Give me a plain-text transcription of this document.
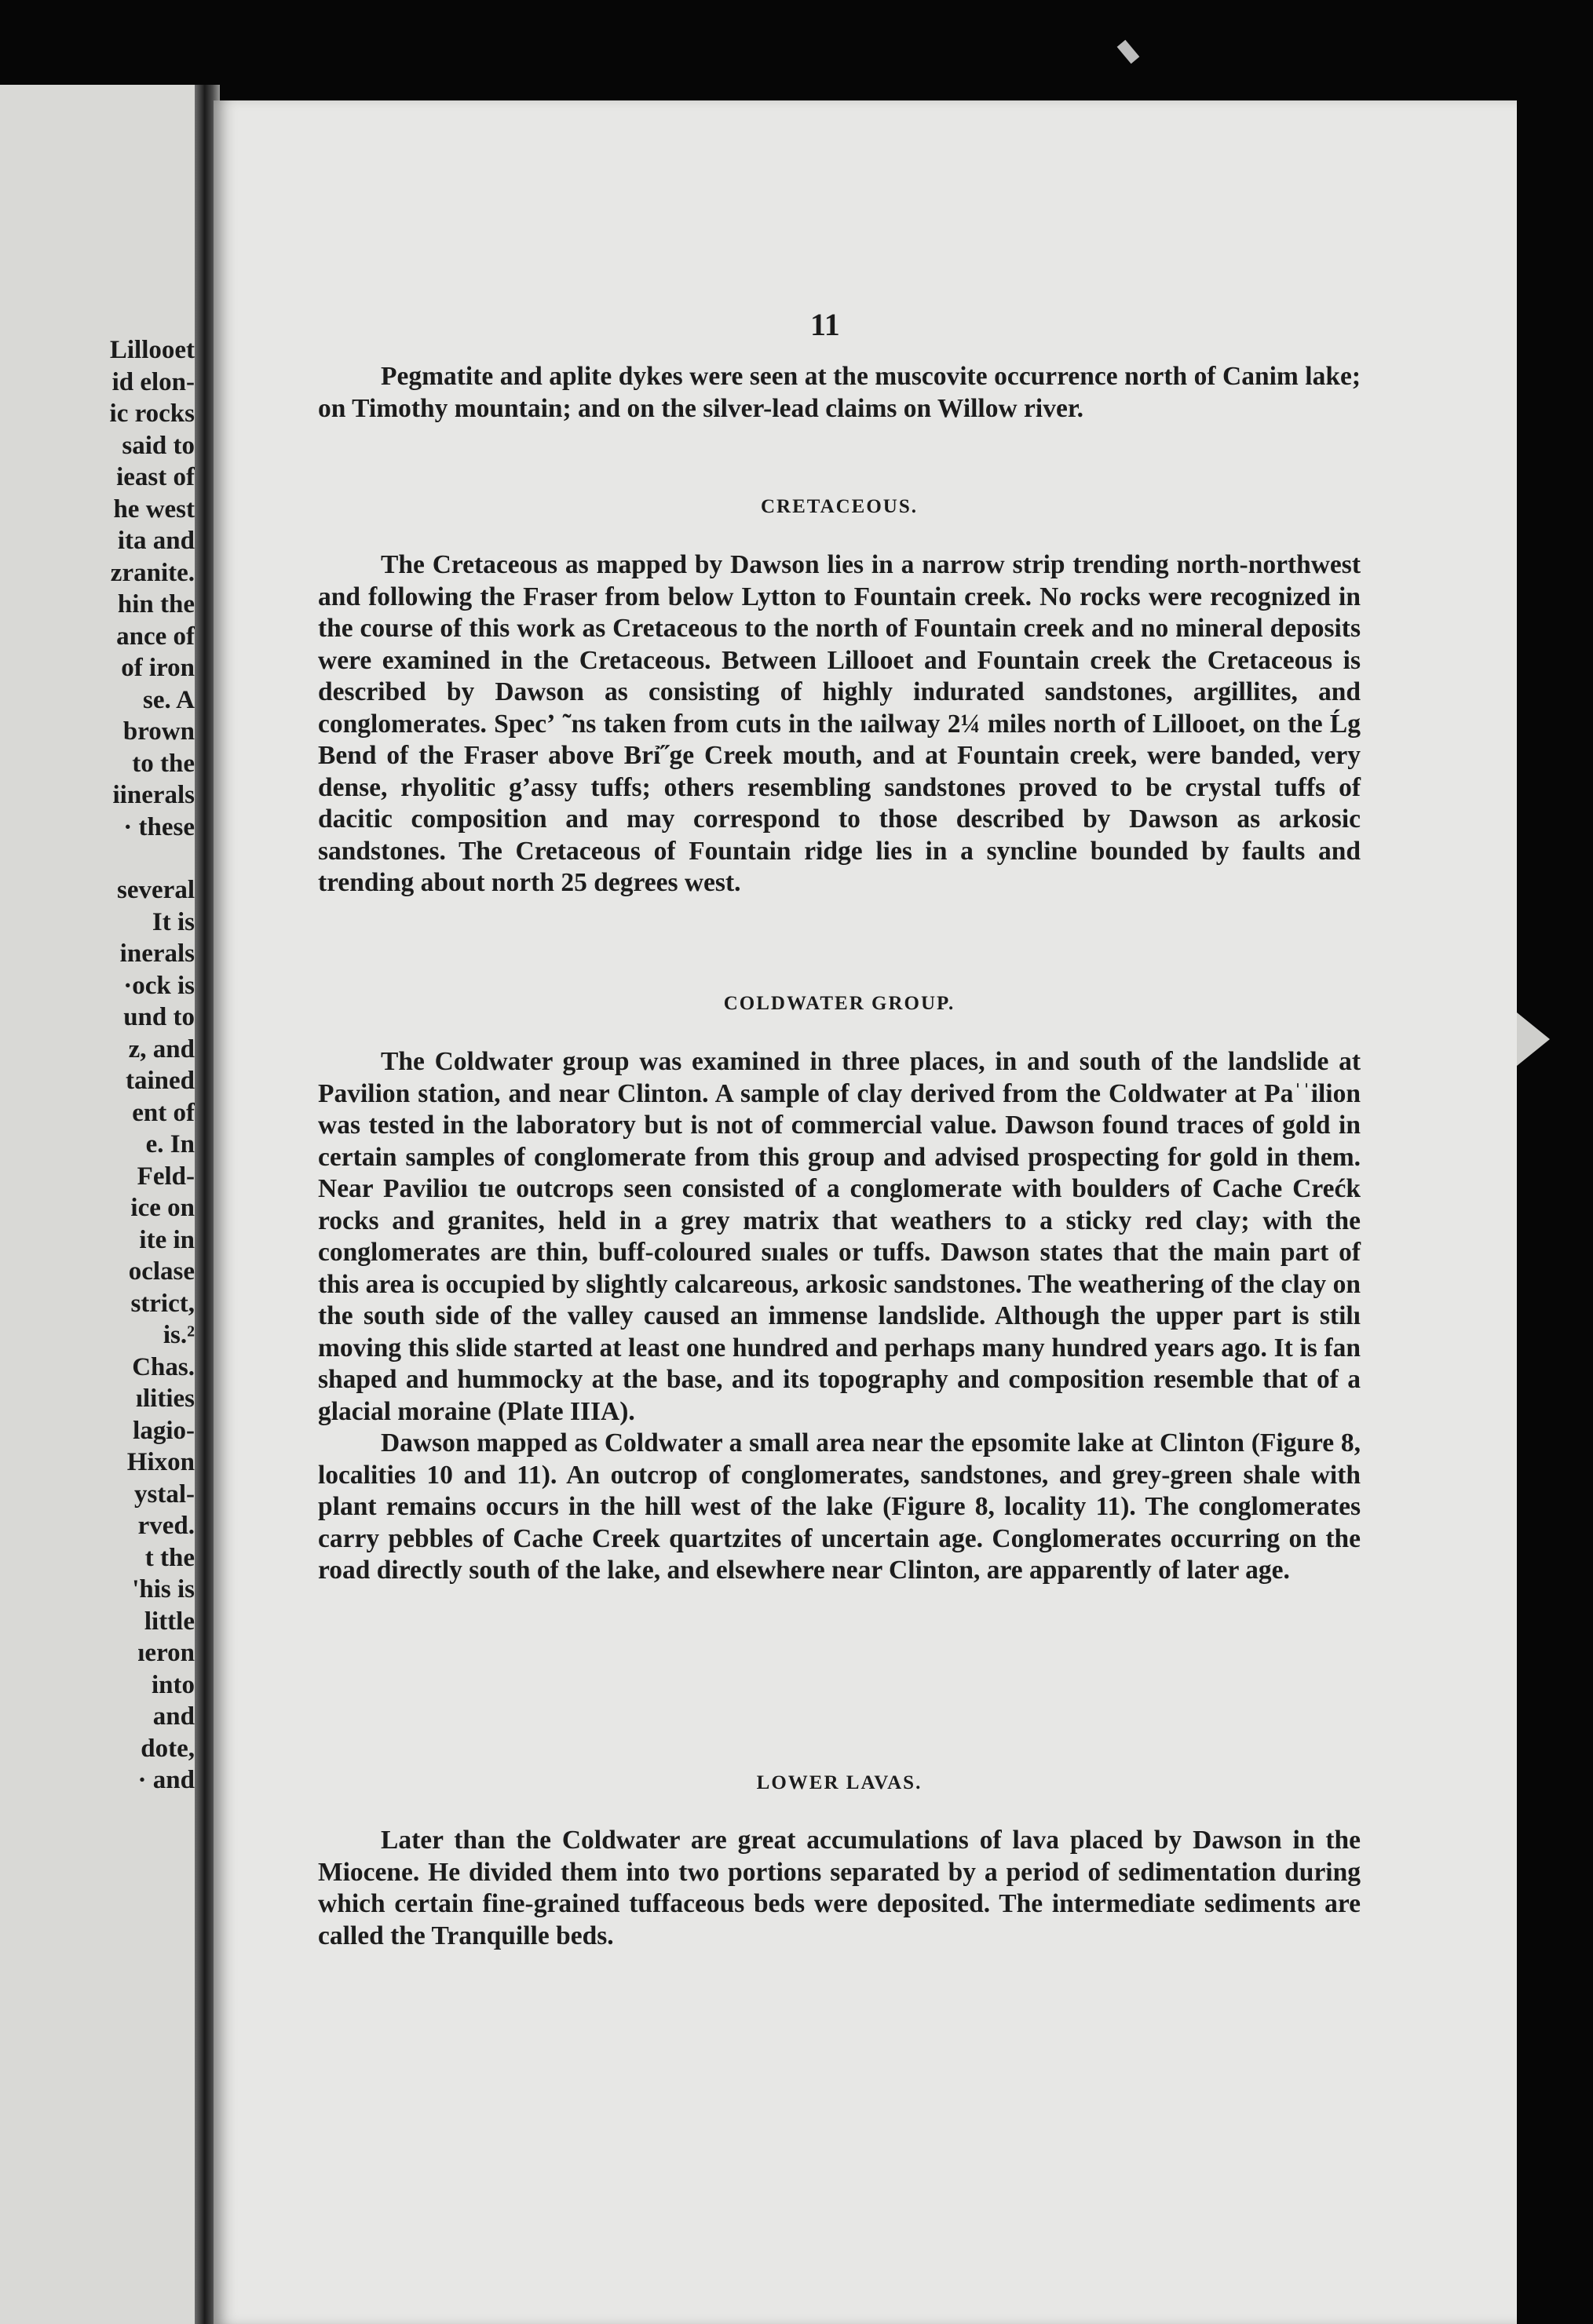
Lillooet
id elon-
ic rocks
said to
ieast of
he west
ita and
zranite.
hin the
ance of
of iron
se. A
brown
to the
iinerals
· these
several
It is
inerals
·ock is
und to
z, and
tained
ent of
e. In
Feld-
ice on
ite in
oclase
strict,
is.²
Chas.
ılities
lagio-
Hixon
ystal-
rved.
t the
'his is
little
ıeron
into
and
dote,
· and
11

Pegmatite and aplite dykes were seen at the muscovite occurrence north of Canim lake; on Timothy mountain; and on the silver-lead claims on Willow river.

CRETACEOUS.

The Cretaceous as mapped by Dawson lies in a narrow strip trending north-northwest and following the Fraser from below Lytton to Fountain creek. No rocks were recognized in the course of this work as Cretaceous to the north of Fountain creek and no mineral deposits were examined in the Cretaceous. Between Lillooet and Fountain creek the Cretaceous is described by Dawson as consisting of highly indurated sandstones, argillites, and conglomerates. Specʼ ˜ns taken from cuts in the ıailway 2¼ miles north of Lillooet, on the Ĺg Bend of the Fraser above Brỉ˝ge Creek mouth, and at Fountain creek, were banded, very dense, rhyolitic gʼassy tuffs; others resembling sandstones proved to be crystal tuffs of dacitic composition and may correspond to those described by Dawson as arkosic sandstones. The Cretaceous of Fountain ridge lies in a syncline bounded by faults and trending about north 25 degrees west.

COLDWATER GROUP.

The Coldwater group was examined in three places, in and south of the landslide at Pavilion station, and near Clinton. A sample of clay derived from the Coldwater at Paˈˈilion was tested in the laboratory but is not of commercial value. Dawson found traces of gold in certain samples of conglomerate from this group and advised prospecting for gold in them. Near Pavilioı tıe outcrops seen consisted of a conglomerate with boulders of Cache Crećk rocks and granites, held in a grey matrix that weathers to a sticky red clay; with the conglomerates are thin, buff-coloured sııales or tuffs. Dawson states that the main part of this area is occupied by slightly calcareous, arkosic sandstones. The weathering of the clay on the south side of the valley caused an immense landslide. Although the upper part is stilı moving this slide started at least one hundred and perhaps many hundred years ago. It is fan shaped and hummocky at the base, and its topography and composition resemble that of a glacial moraine (Plate IIIA).

Dawson mapped as Coldwater a small area near the epsomite lake at Clinton (Figure 8, localities 10 and 11). An outcrop of conglomerates, sandstones, and grey-green shale with plant remains occurs in the hill west of the lake (Figure 8, locality 11). The conglomerates carry pebbles of Cache Creek quartzites of uncertain age. Conglomerates occurring on the road directly south of the lake, and elsewhere near Clinton, are apparently of later age.

LOWER LAVAS.

Later than the Coldwater are great accumulations of lava placed by Dawson in the Miocene. He divided them into two portions separated by a period of sedimentation during which certain fine-grained tuffaceous beds were deposited. The intermediate sediments are called the Tranquille beds.
